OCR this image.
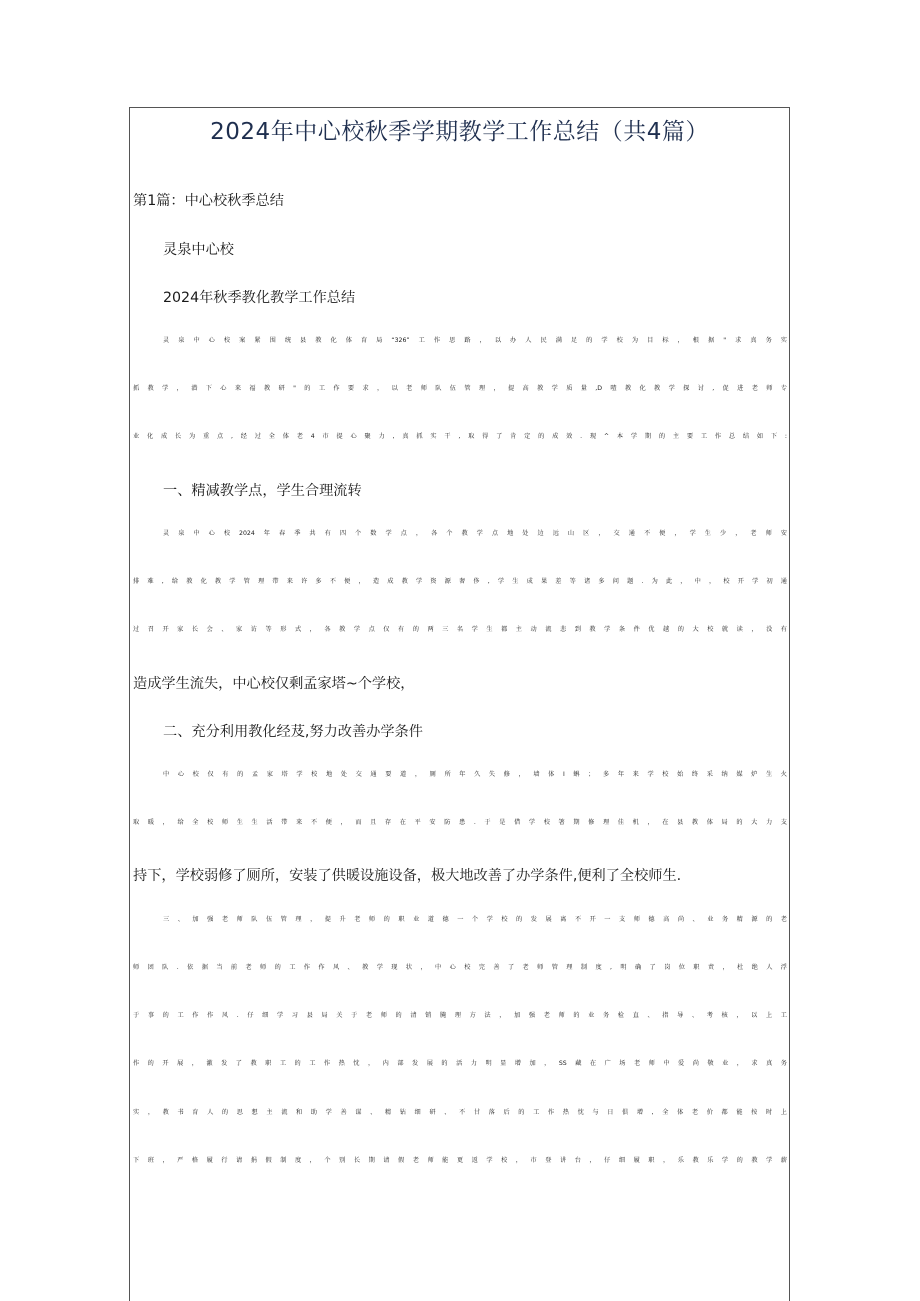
2024年中心校秋季学期教学工作总结（共4篇）
第1篇：中心校秋季总结
灵泉中心校
2024年秋季教化教学工作总结
灵泉中心校案紧围统县教化体育局“326”工作思路，以办人民满足的学校为目标，根据"求真务实
抓教学，潜下心来福教研"的工作要求，以老师队伍管理，提高教学质量,D喳教化教学探讨,促进老师专
业化成长为重点,经过全体老4市提心聚力,真抓实干,取得了肯定的成效.现^本学期的主要工作总结如下:
一、精减教学点，学生合理流转
灵泉中心校2024年春季共有四个数学点，各个教学点地处边远山区，交通不便，学生少，老师安
排难,给教化教学管理带来许多不便，造成教学资源奢侈,学生成果差等诸多问题.为此，中，校开学初通
过召开家长会、家访等形式，各教学点仅有的两三名学生都主动流悲到教学条件优越的大校就读，没有
造成学生流失，中心校仅剩孟家塔~个学校，
二、充分利用教化经芨,努力改善办学条件
中心校仅有的孟家塔学校地处交通要道，厕所年久失修，墙体I蝌；多年来学校始终采纳媒炉生火
取暖，给全校师生生活带来不便，而且存在平安防患.于是借学校箸期修理佳机，在县教体局的大力支
持下，学校弱修了厕所，安装了供暖设施设备，极大地改善了办学条件,便利了全校师生.
三、加强老师队伍管理，提升老师的职业道德一个学校的发展离不开一支师德高尚、业务精源的老
师团队.依据当前老师的工作作风、教学现状，中心校完善了老师管理制度,明确了岗位职责，杜绝人浮
于事的工作作风.仔细学习县局关于老师的清销腌理方法，加强老师的业务检直、指导、考核，以上工
作的开展，激发了教职工的工作热忱，内部发展的活力明显增加，SS藏在广场老师中爱尚敬业，求真务
实，教书育人的思想主流和助学善谋、精钻细研、不甘落后的工作热忱与日俱增,全体老价都能按时上
下班，严格履行请捐假制度，个别长期请假老师能更返学校，市登讲台，仔细履职，乐教乐学的教学薪
